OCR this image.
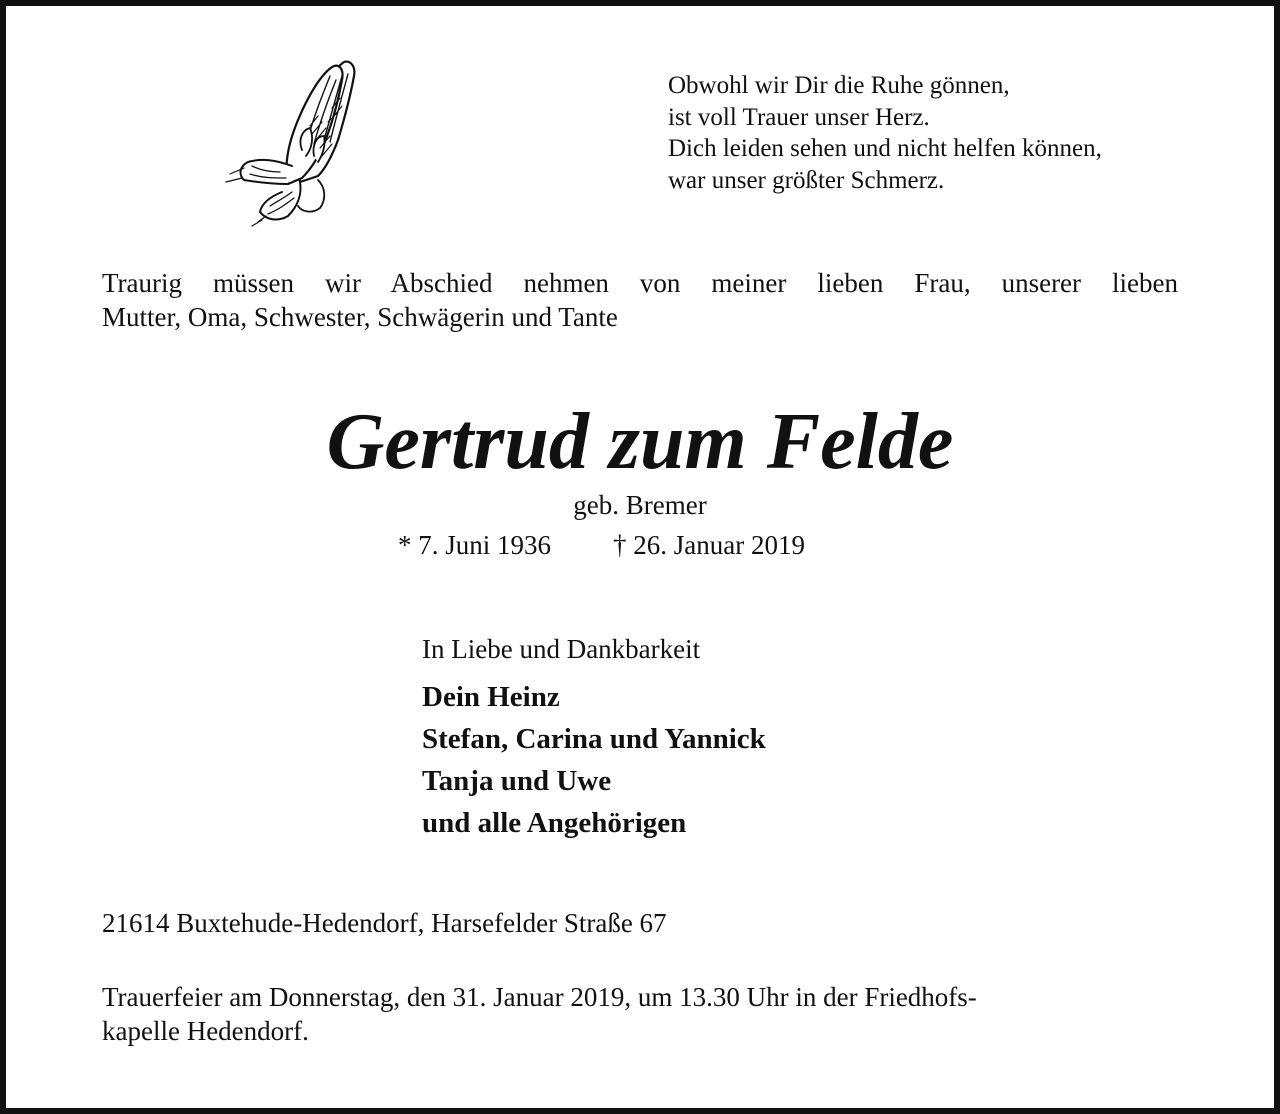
Obwohl wir Dir die Ruhe gönnen,
ist voll Trauer unser Herz.
Dich leiden sehen und nicht helfen können,
war unser größter Schmerz.
Traurig müssen wir Abschied nehmen von meiner lieben Frau, unserer lieben
Mutter, Oma, Schwester, Schwägerin und Tante
Gertrud zum Felde
geb. Bremer
* 7. Juni 1936 † 26. Januar 2019
In Liebe und Dankbarkeit
Dein Heinz
Stefan, Carina und Yannick
Tanja und Uwe
und alle Angehörigen
21614 Buxtehude-Hedendorf, Harsefelder Straße 67
Trauerfeier am Donnerstag, den 31. Januar 2019, um 13.30 Uhr in der Friedhofs-
kapelle Hedendorf.
